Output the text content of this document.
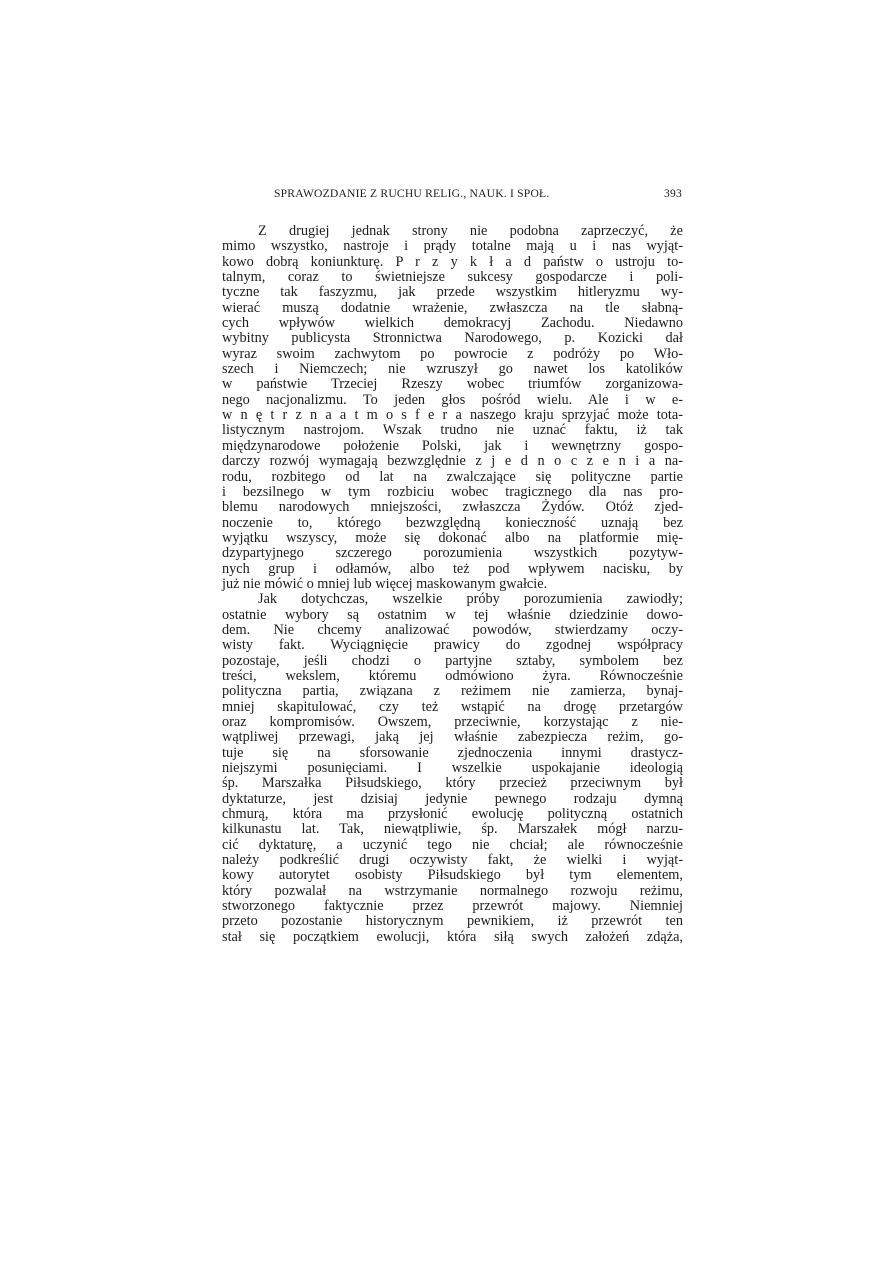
SPRAWOZDANIE Z RUCHU RELIG., NAUK. I SPOŁ.	393
Z drugiej jednak strony nie podobna zaprzeczyć, że
mimo wszystko, nastroje i prądy totalne mają u i nas wyjąt-
kowo dobrą koniunkturę. P r z y k ł a d państw o ustroju to-
talnym, coraz to świetniejsze sukcesy gospodarcze i poli-
tyczne tak faszyzmu, jak przede wszystkim hitleryzmu wy-
wierać muszą dodatnie wrażenie, zwłaszcza na tle słabną-
cych wpływów wielkich demokracyj Zachodu. Niedawno
wybitny publicysta Stronnictwa Narodowego, p. Kozicki dał
wyraz swoim zachwytom po powrocie z podróży po Wło-
szech i Niemczech; nie wzruszył go nawet los katolików
w państwie Trzeciej Rzeszy wobec triumfów zorganizowa-
nego nacjonalizmu. To jeden głos pośród wielu. Ale i w e-
w n ę t r z n a a t m o s f e r a naszego kraju sprzyjać może tota-
listycznym nastrojom. Wszak trudno nie uznać faktu, iż tak
międzynarodowe położenie Polski, jak i wewnętrzny gospo-
darczy rozwój wymagają bezwzględnie z j e d n o c z e n i a na-
rodu, rozbitego od lat na zwalczające się polityczne partie
i bezsilnego w tym rozbiciu wobec tragicznego dla nas pro-
blemu narodowych mniejszości, zwłaszcza Żydów. Otóż zjed-
noczenie to, którego bezwzględną konieczność uznają bez
wyjątku wszyscy, może się dokonać albo na platformie mię-
dzypartyjnego szczerego porozumienia wszystkich pozytyw-
nych grup i odłamów, albo też pod wpływem nacisku, by
już nie mówić o mniej lub więcej maskowanym gwałcie.
Jak dotychczas, wszelkie próby porozumienia zawiodły;
ostatnie wybory są ostatnim w tej właśnie dziedzinie dowo-
dem. Nie chcemy analizować powodów, stwierdzamy oczy-
wisty fakt. Wyciągnięcie prawicy do zgodnej współpracy
pozostaje, jeśli chodzi o partyjne sztaby, symbolem bez
treści, wekslem, któremu odmówiono żyra. Równocześnie
polityczna partia, związana z reżimem nie zamierza, bynaj-
mniej skapitulować, czy też wstąpić na drogę przetargów
oraz kompromisów. Owszem, przeciwnie, korzystając z nie-
wątpliwej przewagi, jaką jej właśnie zabezpiecza reżim, go-
tuje się na sforsowanie zjednoczenia innymi drastycz-
niejszymi posunięciami. I wszelkie uspokajanie ideologią
śp. Marszałka Piłsudskiego, który przecież przeciwnym był
dyktaturze, jest dzisiaj jedynie pewnego rodzaju dymną
chmurą, która ma przysłonić ewolucję polityczną ostatnich
kilkunastu lat. Tak, niewątpliwie, śp. Marszałek mógł narzu-
cić dyktaturę, a uczynić tego nie chciał; ale równocześnie
należy podkreślić drugi oczywisty fakt, że wielki i wyjąt-
kowy autorytet osobisty Piłsudskiego był tym elementem,
który pozwalał na wstrzymanie normalnego rozwoju reżimu,
stworzonego faktycznie przez przewrót majowy. Niemniej
przeto pozostanie historycznym pewnikiem, iż przewrót ten
stał się początkiem ewolucji, która siłą swych założeń zdąża,
